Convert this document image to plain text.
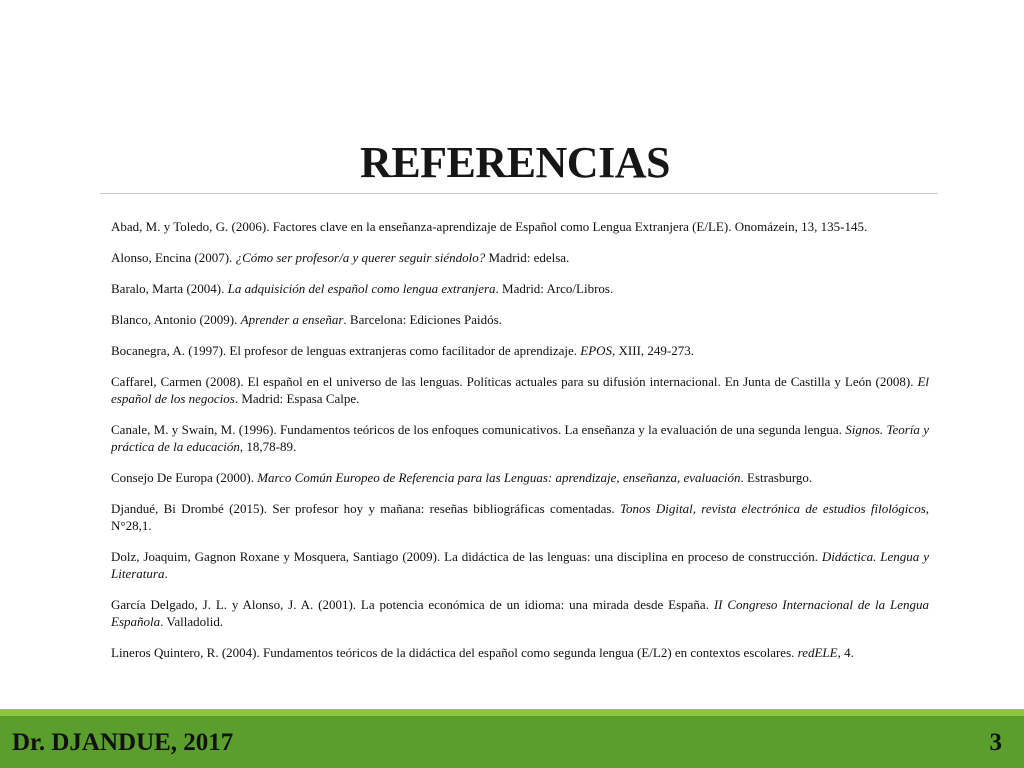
REFERENCIAS

Abad, M. y Toledo, G. (2006). Factores clave en la enseñanza-aprendizaje de Español como Lengua Extranjera (E/LE). Onomázein, 13, 135-145.

Alonso, Encina (2007). ¿Cómo ser profesor/a y querer seguir siéndolo? Madrid: edelsa.

Baralo, Marta (2004). La adquisición del español como lengua extranjera. Madrid: Arco/Libros.

Blanco, Antonio (2009). Aprender a enseñar. Barcelona: Ediciones Paidós.

Bocanegra, A. (1997). El profesor de lenguas extranjeras como facilitador de aprendizaje. EPOS, XIII, 249-273.

Caffarel, Carmen (2008). El español en el universo de las lenguas. Políticas actuales para su difusión internacional. En Junta de Castilla y León (2008). El español de los negocios. Madrid: Espasa Calpe.

Canale, M. y Swain, M. (1996). Fundamentos teóricos de los enfoques comunicativos. La enseñanza y la evaluación de una segunda lengua. Signos. Teoría y práctica de la educación, 18,78-89.

Consejo De Europa (2000). Marco Común Europeo de Referencia para las Lenguas: aprendizaje, enseñanza, evaluación. Estrasburgo.

Djandué, Bi Drombé (2015). Ser profesor hoy y mañana: reseñas bibliográficas comentadas. Tonos Digital, revista electrónica de estudios filológicos, N°28,1.

Dolz, Joaquim, Gagnon Roxane y Mosquera, Santiago (2009). La didáctica de las lenguas: una disciplina en proceso de construcción. Didáctica. Lengua y Literatura.

García Delgado, J. L. y Alonso, J. A. (2001). La potencia económica de un idioma: una mirada desde España. II Congreso Internacional de la Lengua Española. Valladolid.

Lineros Quintero, R. (2004). Fundamentos teóricos de la didáctica del español como segunda lengua (E/L2) en contextos escolares. redELE, 4.

Dr. DJANDUE, 2017	3
